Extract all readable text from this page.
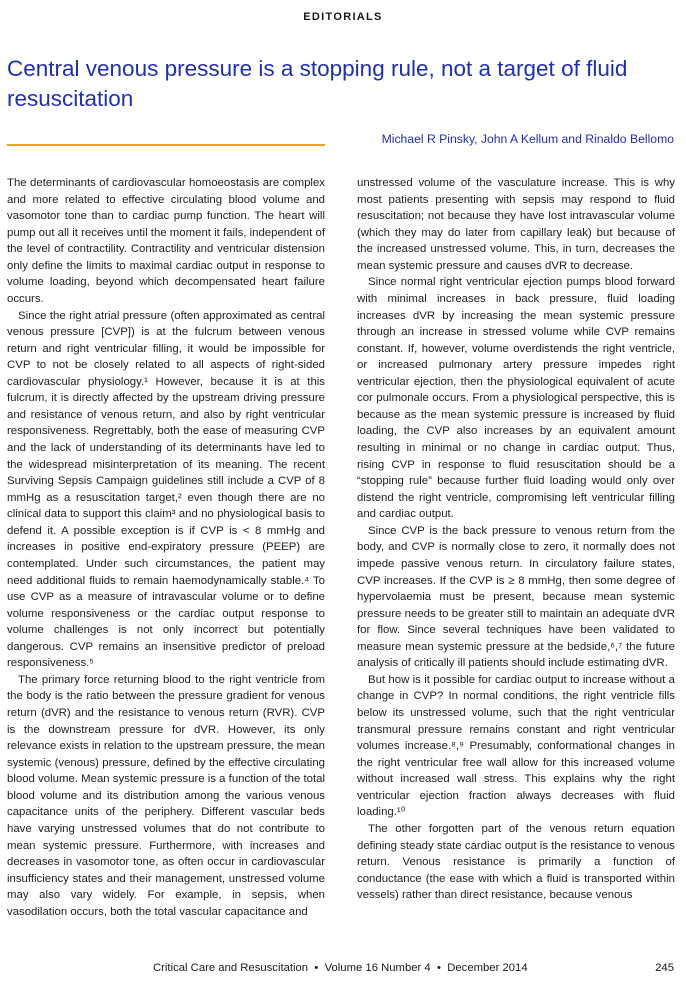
EDITORIALS
Central venous pressure is a stopping rule, not a target of fluid resuscitation
Michael R Pinsky, John A Kellum and Rinaldo Bellomo

The determinants of cardiovascular homoeostasis are complex and more related to effective circulating blood volume and vasomotor tone than to cardiac pump function. The heart will pump out all it receives until the moment it fails, independent of the level of contractility. Contractility and ventricular distension only define the limits to maximal cardiac output in response to volume loading, beyond which decompensated heart failure occurs.

Since the right atrial pressure (often approximated as central venous pressure [CVP]) is at the fulcrum between venous return and right ventricular filling, it would be impossible for CVP to not be closely related to all aspects of right-sided cardiovascular physiology.¹ However, because it is at this fulcrum, it is directly affected by the upstream driving pressure and resistance of venous return, and also by right ventricular responsiveness. Regrettably, both the ease of measuring CVP and the lack of understanding of its determinants have led to the widespread misinterpretation of its meaning. The recent Surviving Sepsis Campaign guidelines still include a CVP of 8 mmHg as a resuscitation target,² even though there are no clinical data to support this claim³ and no physiological basis to defend it. A possible exception is if CVP is < 8 mmHg and increases in positive end-expiratory pressure (PEEP) are contemplated. Under such circumstances, the patient may need additional fluids to remain haemodynamically stable.⁴ To use CVP as a measure of intravascular volume or to define volume responsiveness or the cardiac output response to volume challenges is not only incorrect but potentially dangerous. CVP remains an insensitive predictor of preload responsiveness.⁵

The primary force returning blood to the right ventricle from the body is the ratio between the pressure gradient for venous return (dVR) and the resistance to venous return (RVR). CVP is the downstream pressure for dVR. However, its only relevance exists in relation to the upstream pressure, the mean systemic (venous) pressure, defined by the effective circulating blood volume. Mean systemic pressure is a function of the total blood volume and its distribution among the various venous capacitance units of the periphery. Different vascular beds have varying unstressed volumes that do not contribute to mean systemic pressure. Furthermore, with increases and decreases in vasomotor tone, as often occur in cardiovascular insufficiency states and their management, unstressed volume may also vary widely. For example, in sepsis, when vasodilation occurs, both the total vascular capacitance and

unstressed volume of the vasculature increase. This is why most patients presenting with sepsis may respond to fluid resuscitation; not because they have lost intravascular volume (which they may do later from capillary leak) but because of the increased unstressed volume. This, in turn, decreases the mean systemic pressure and causes dVR to decrease.

Since normal right ventricular ejection pumps blood forward with minimal increases in back pressure, fluid loading increases dVR by increasing the mean systemic pressure through an increase in stressed volume while CVP remains constant. If, however, volume overdistends the right ventricle, or increased pulmonary artery pressure impedes right ventricular ejection, then the physiological equivalent of acute cor pulmonale occurs. From a physiological perspective, this is because as the mean systemic pressure is increased by fluid loading, the CVP also increases by an equivalent amount resulting in minimal or no change in cardiac output. Thus, rising CVP in response to fluid resuscitation should be a “stopping rule” because further fluid loading would only over distend the right ventricle, compromising left ventricular filling and cardiac output.

Since CVP is the back pressure to venous return from the body, and CVP is normally close to zero, it normally does not impede passive venous return. In circulatory failure states, CVP increases. If the CVP is ≥ 8 mmHg, then some degree of hypervolaemia must be present, because mean systemic pressure needs to be greater still to maintain an adequate dVR for flow. Since several techniques have been validated to measure mean systemic pressure at the bedside,⁶,⁷ the future analysis of critically ill patients should include estimating dVR.

But how is it possible for cardiac output to increase without a change in CVP? In normal conditions, the right ventricle fills below its unstressed volume, such that the right ventricular transmural pressure remains constant and right ventricular volumes increase.⁸,⁹ Presumably, conformational changes in the right ventricular free wall allow for this increased volume without increased wall stress. This explains why the right ventricular ejection fraction always decreases with fluid loading.¹⁰

The other forgotten part of the venous return equation defining steady state cardiac output is the resistance to venous return. Venous resistance is primarily a function of conductance (the ease with which a fluid is transported within vessels) rather than direct resistance, because venous

Critical Care and Resuscitation  •  Volume 16 Number 4  •  December 2014	245
